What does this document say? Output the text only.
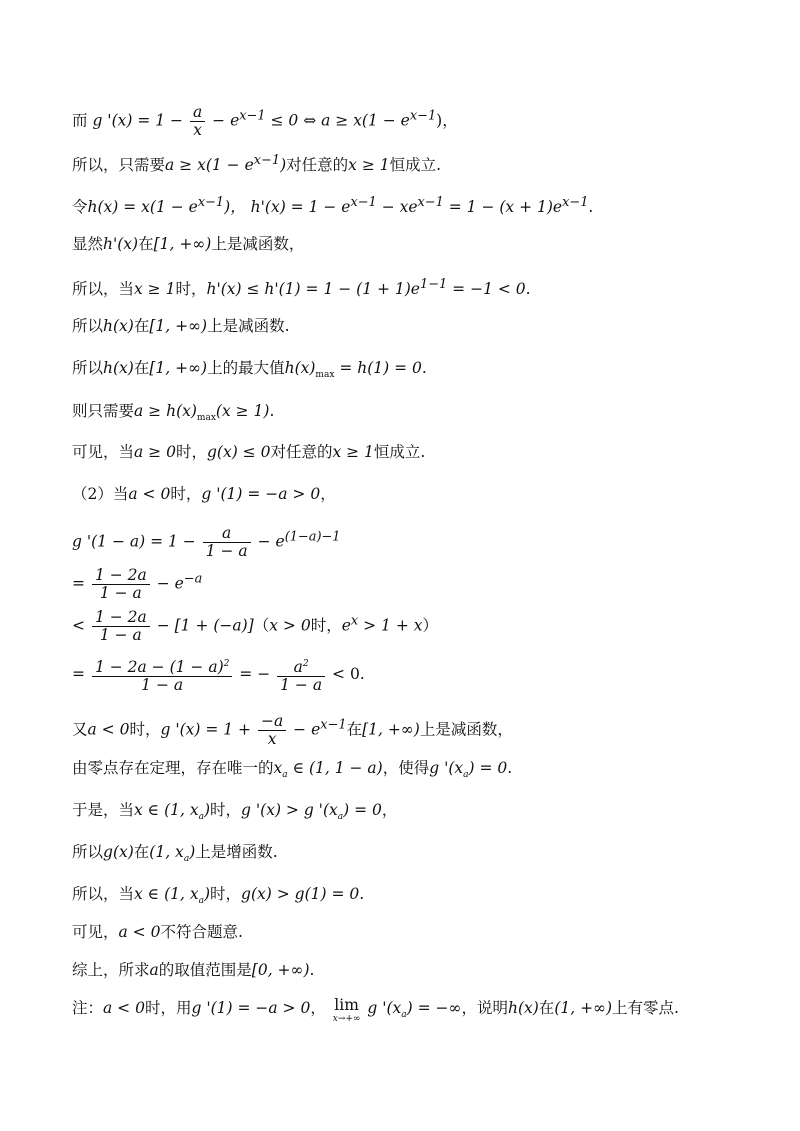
而 g '$(x) = 1 - \frac{a}{x} - e^{x-1} \le 0$ ⇔ $a \ge x(1 - e^{x-1})$，
所以，只需要$a \ge x(1 - e^{x-1})$对任意的x ≥ 1恒成立.
令$h(x) = x(1 - e^{x-1})$， $h'(x) = 1 - e^{x-1} - xe^{x-1} = 1 - (x + 1)e^{x-1}$.
显然h'(x)在[1, +∞)上是减函数，
所以，当x ≥ 1时，$h'(x) \le h'(1) = 1 - (1 + 1)e^{1-1} = -1 < 0$.
所以h(x)在[1, +∞)上是减函数.
所以h(x)在[1, +∞)上的最大值$h(x)_{max} = h(1) = 0$.
则只需要$a \ge h(x)_{max}(x \ge 1)$.
可见，当a ≥ 0时，g(x) ≤ 0对任意的x ≥ 1恒成立.
（2）当a < 0时，g '(1) = −a > 0，
g '$(1 - a) = 1 - \frac{a}{1 - a} - e^{(1-a)-1}$
= $\frac{1 - 2a}{1 - a} - e^{-a}$
< $\frac{1 - 2a}{1 - a} - [1 + (-a)](x > 0$时，$e^x > 1 + x$）
= $\frac{1 - 2a - (1 - a)^2}{1 - a}$ = − $\frac{a^2}{1 - a} < 0$.
又a < 0时，g '$(x) = 1 + \frac{-a}{x} - e^{x-1}$在[1, +∞)上是减函数，
由零点存在定理，存在唯一的$x_a$ ∈ (1, 1 − a)，使得g '$(x_a) = 0$.
于是，当x ∈ (1, $x_a$)时，g '(x) > g '$(x_a) = 0$，
所以g(x)在(1, $x_a$)上是增函数.
所以，当x ∈ (1, $x_a$)时，g(x) > g(1) = 0.
可见，a < 0不符合题意.
综上，所求a的取值范围是[0, +∞).
注：a < 0时，用g '(1) = −a > 0， lim
x→+∞
g '$(x_a)$ = −∞，说明h(x)在(1, +∞)上有零点.
